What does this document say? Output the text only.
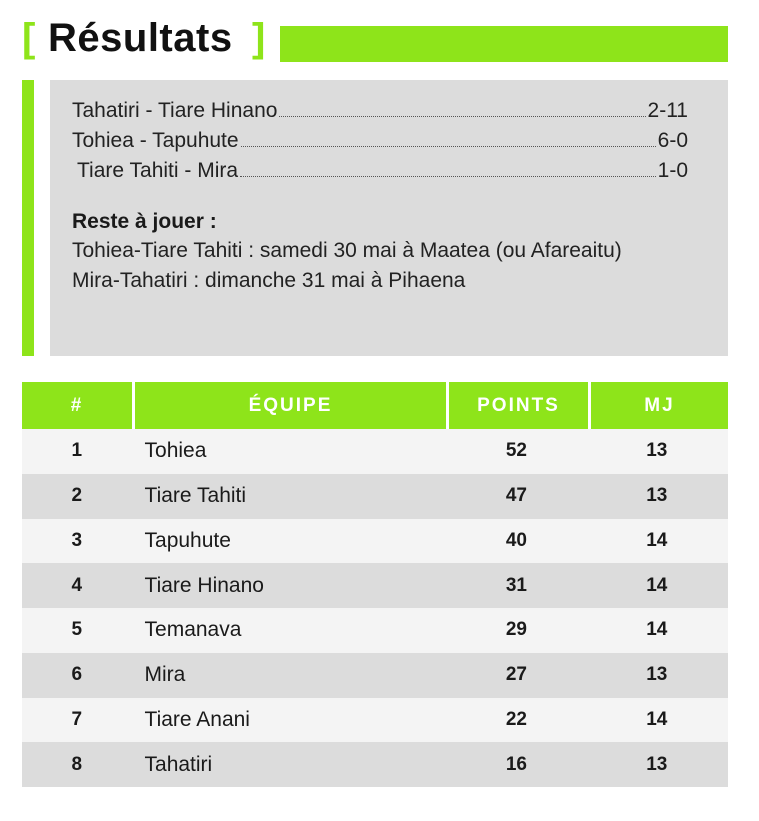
[ Résultats ]
Tahatiri - Tiare Hinano	2-11
Tohiea - Tapuhute	6-0
Tiare Tahiti - Mira	1-0
Reste à jouer :
Tohiea-Tiare Tahiti : samedi 30 mai à Maatea (ou Afareaitu)
Mira-Tahatiri : dimanche 31 mai à Pihaena
#	ÉQUIPE	POINTS	MJ
1	Tohiea	52	13
2	Tiare Tahiti	47	13
3	Tapuhute	40	14
4	Tiare Hinano	31	14
5	Temanava	29	14
6	Mira	27	13
7	Tiare Anani	22	14
8	Tahatiri	16	13
